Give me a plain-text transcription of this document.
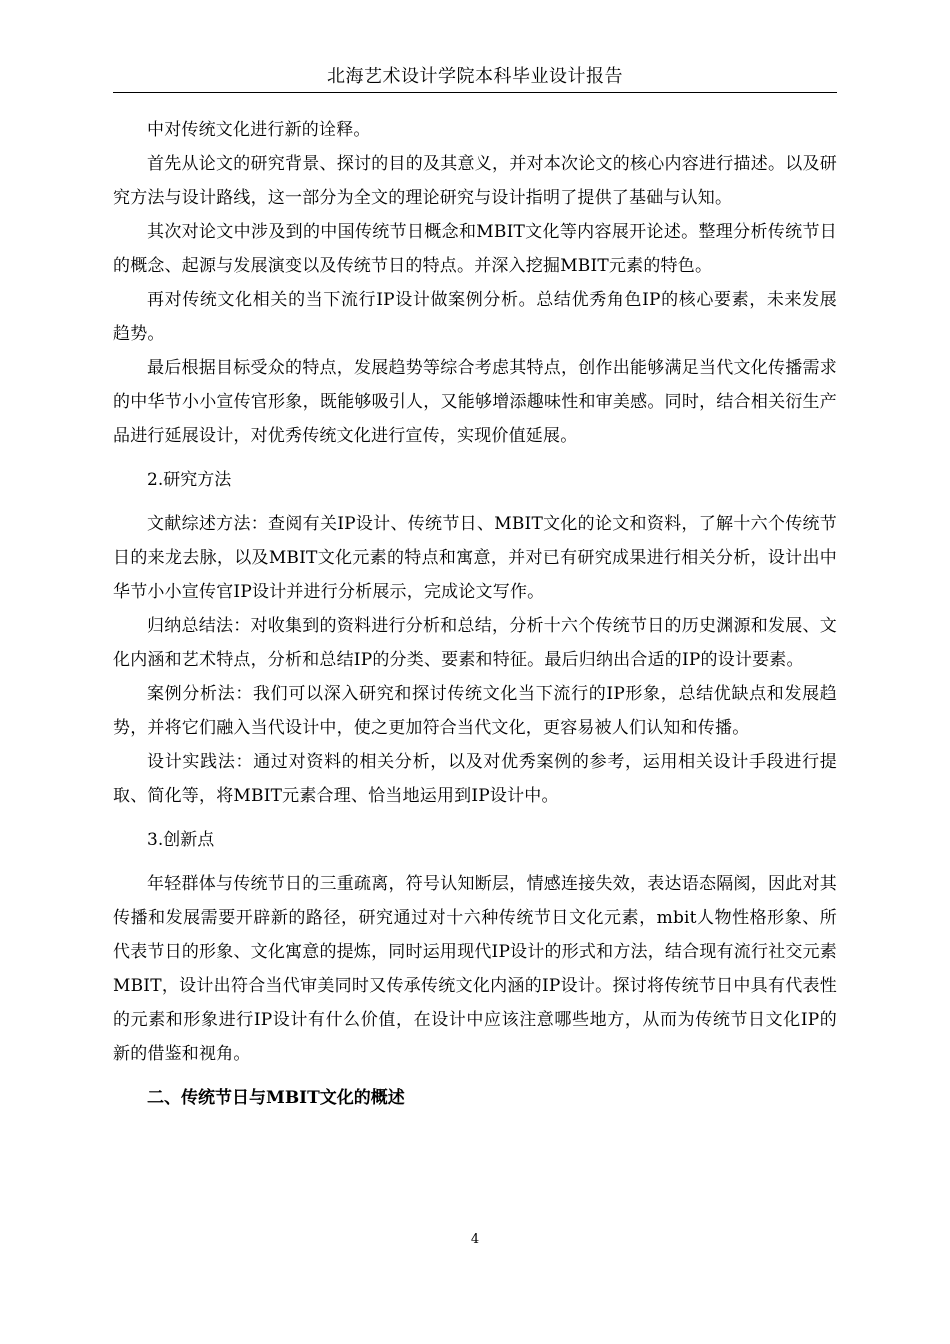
北海艺术设计学院本科毕业设计报告

中对传统文化进行新的诠释。

首先从论文的研究背景、探讨的目的及其意义，并对本次论文的核心内容进行描述。以及研究方法与设计路线，这一部分为全文的理论研究与设计指明了提供了基础与认知。

其次对论文中涉及到的中国传统节日概念和MBIT文化等内容展开论述。整理分析传统节日的概念、起源与发展演变以及传统节日的特点。并深入挖掘MBIT元素的特色。

再对传统文化相关的当下流行IP设计做案例分析。总结优秀角色IP的核心要素，未来发展趋势。

最后根据目标受众的特点，发展趋势等综合考虑其特点，创作出能够满足当代文化传播需求的中华节小小宣传官形象，既能够吸引人，又能够增添趣味性和审美感。同时，结合相关衍生产品进行延展设计，对优秀传统文化进行宣传，实现价值延展。

2.研究方法

文献综述方法：查阅有关IP设计、传统节日、MBIT文化的论文和资料，了解十六个传统节日的来龙去脉，以及MBIT文化元素的特点和寓意，并对已有研究成果进行相关分析，设计出中华节小小宣传官IP设计并进行分析展示，完成论文写作。

归纳总结法：对收集到的资料进行分析和总结，分析十六个传统节日的历史渊源和发展、文化内涵和艺术特点，分析和总结IP的分类、要素和特征。最后归纳出合适的IP的设计要素。

案例分析法：我们可以深入研究和探讨传统文化当下流行的IP形象，总结优缺点和发展趋势，并将它们融入当代设计中，使之更加符合当代文化，更容易被人们认知和传播。

设计实践法：通过对资料的相关分析，以及对优秀案例的参考，运用相关设计手段进行提取、简化等，将MBIT元素合理、恰当地运用到IP设计中。

3.创新点

年轻群体与传统节日的三重疏离，符号认知断层，情感连接失效，表达语态隔阂，因此对其传播和发展需要开辟新的路径，研究通过对十六种传统节日文化元素，mbit人物性格形象、所代表节日的形象、文化寓意的提炼，同时运用现代IP设计的形式和方法，结合现有流行社交元素MBIT，设计出符合当代审美同时又传承传统文化内涵的IP设计。探讨将传统节日中具有代表性的元素和形象进行IP设计有什么价值，在设计中应该注意哪些地方，从而为传统节日文化IP的新的借鉴和视角。

二、传统节日与MBIT文化的概述

4
